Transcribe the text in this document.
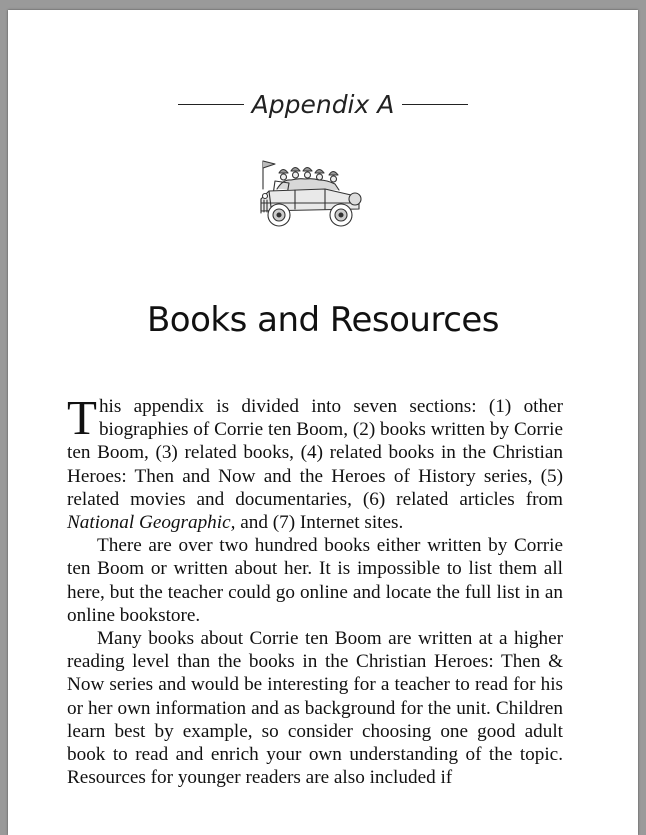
Appendix A
Books and Resources

This appendix is divided into seven sections: (1) other biographies of Corrie ten Boom, (2) books written by Corrie ten Boom, (3) related books, (4) related books in the Christian Heroes: Then and Now and the Heroes of History series, (5) related movies and documentaries, (6) related articles from National Geographic, and (7) Internet sites.

There are over two hundred books either written by Corrie ten Boom or written about her. It is impossible to list them all here, but the teacher could go online and locate the full list in an online bookstore.

Many books about Corrie ten Boom are written at a higher reading level than the books in the Christian Heroes: Then & Now series and would be interesting for a teacher to read for his or her own information and as background for the unit. Children learn best by example, so consider choosing one good adult book to read and enrich your own understanding of the topic. Resources for younger readers are also included if
